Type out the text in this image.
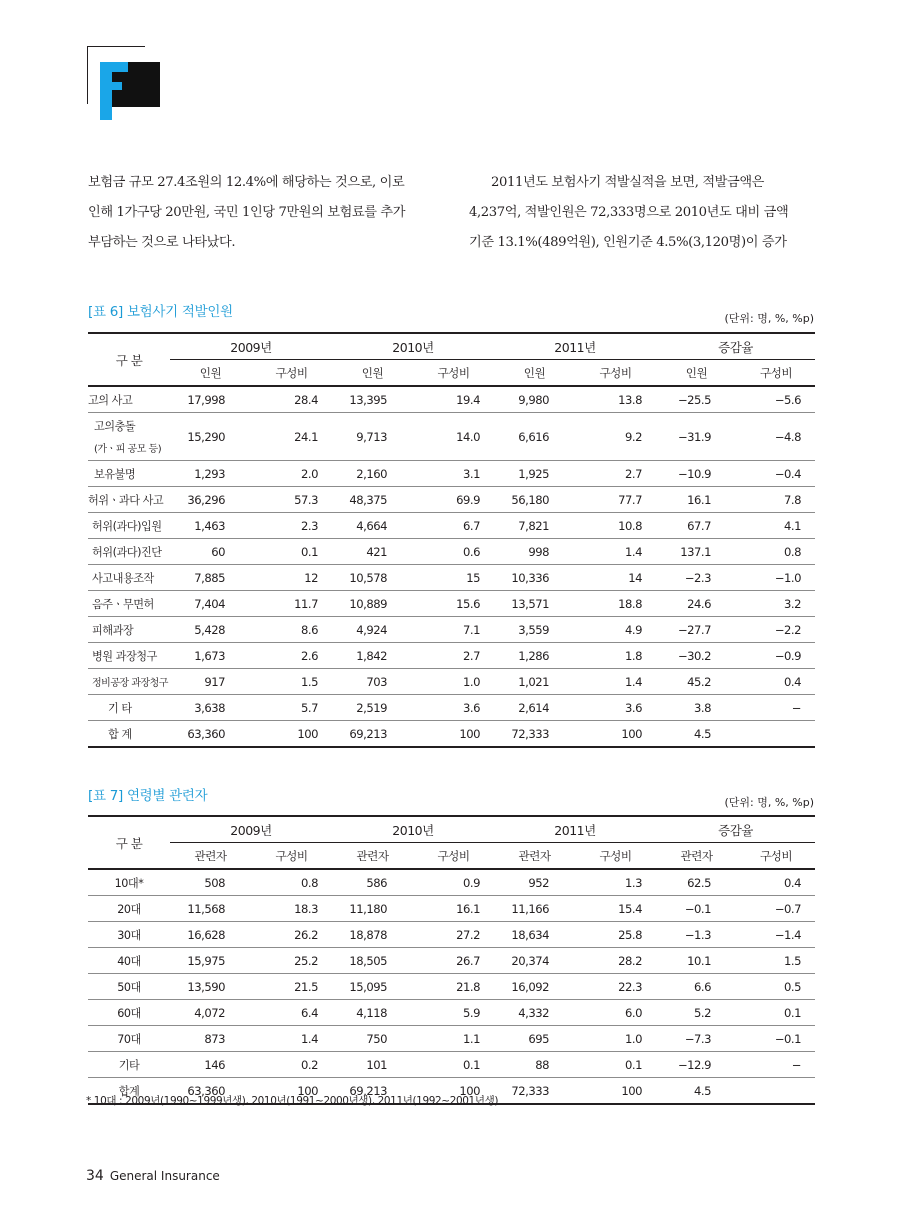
ocus
보험금 규모 27.4조원의 12.4%에 해당하는 것으로, 이로
인해 1가구당 20만원, 국민 1인당 7만원의 보험료를 추가
부담하는 것으로 나타났다.
2011년도 보험사기 적발실적을 보면, 적발금액은
4,237억, 적발인원은 72,333명으로 2010년도 대비 금액
기준 13.1%(489억원), 인원기준 4.5%(3,120명)이 증가
[표 6] 보험사기 적발인원	(단위: 명, %, %p)
구 분	2009년		2010년		2011년		증감율	
	인원	구성비	인원	구성비	인원	구성비	인원	구성비

고의 사고	17,998	28.4	13,395	19.4	9,980	13.8	−25.5	−5.6

고의충돌
(가ㆍ피 공모 등)	15,290	24.1	9,713	14.0	6,616	9.2	−31.9	−4.8

보유불명	1,293	2.0	2,160	3.1	1,925	2.7	−10.9	−0.4

허위ㆍ과다 사고	36,296	57.3	48,375	69.9	56,180	77.7	16.1	7.8

허위(과다)입원	1,463	2.3	4,664	6.7	7,821	10.8	67.7	4.1

허위(과다)진단	60	0.1	421	0.6	998	1.4	137.1	0.8

사고내용조작	7,885	12	10,578	15	10,336	14	−2.3	−1.0

음주ㆍ무면허	7,404	11.7	10,889	15.6	13,571	18.8	24.6	3.2

피해과장	5,428	8.6	4,924	7.1	3,559	4.9	−27.7	−2.2

병원 과장청구	1,673	2.6	1,842	2.7	1,286	1.8	−30.2	−0.9

정비공장 과장청구	917	1.5	703	1.0	1,021	1.4	45.2	0.4

기 타	3,638	5.7	2,519	3.6	2,614	3.6	3.8	−

합 계	63,360	100	69,213	100	72,333	100	4.5	
[표 7] 연령별 관련자	(단위: 명, %, %p)
구 분	2009년		2010년		2011년		증감율	
	관련자	구성비	관련자	구성비	관련자	구성비	관련자	구성비

10대*	508	0.8	586	0.9	952	1.3	62.5	0.4

20대	11,568	18.3	11,180	16.1	11,166	15.4	−0.1	−0.7

30대	16,628	26.2	18,878	27.2	18,634	25.8	−1.3	−1.4

40대	15,975	25.2	18,505	26.7	20,374	28.2	10.1	1.5

50대	13,590	21.5	15,095	21.8	16,092	22.3	6.6	0.5

60대	4,072	6.4	4,118	5.9	4,332	6.0	5.2	0.1

70대	873	1.4	750	1.1	695	1.0	−7.3	−0.1

기타	146	0.2	101	0.1	88	0.1	−12.9	−

합계	63,360	100	69,213	100	72,333	100	4.5	
* 10대 : 2009년(1990~1999년생), 2010년(1991~2000년생), 2011년(1992~2001년생)
34 General Insurance
